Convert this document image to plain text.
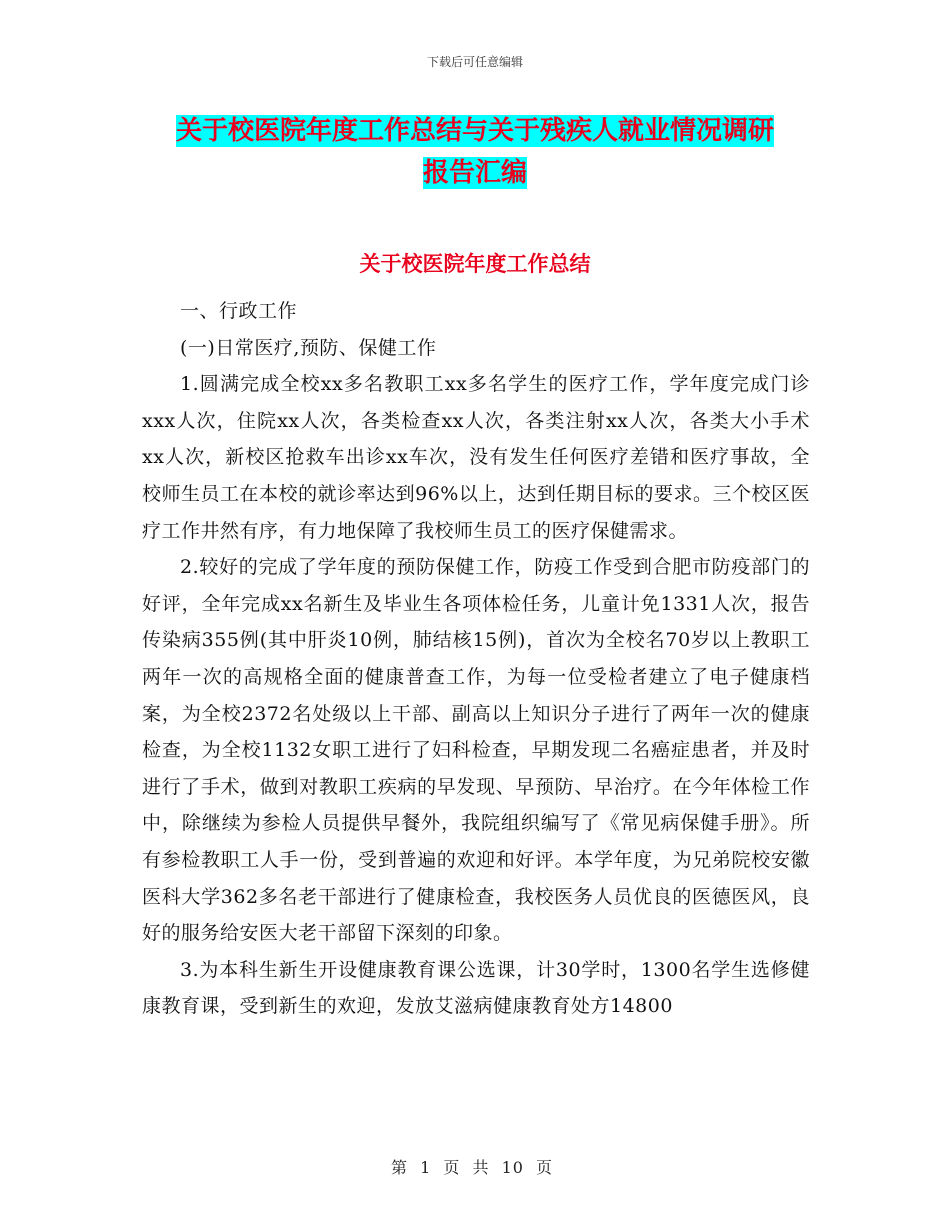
下载后可任意编辑
关于校医院年度工作总结与关于残疾人就业情况调研
报告汇编
关于校医院年度工作总结

一、行政工作

(一)日常医疗,预防、保健工作

1.圆满完成全校xx多名教职工xx多名学生的医疗工作，学年度完成门诊xxx人次，住院xx人次，各类检查xx人次，各类注射xx人次，各类大小手术xx人次，新校区抢救车出诊xx车次，没有发生任何医疗差错和医疗事故，全校师生员工在本校的就诊率达到96%以上，达到任期目标的要求。三个校区医疗工作井然有序，有力地保障了我校师生员工的医疗保健需求。

2.较好的完成了学年度的预防保健工作，防疫工作受到合肥市防疫部门的好评，全年完成xx名新生及毕业生各项体检任务，儿童计免1331人次，报告传染病355例(其中肝炎10例，肺结核15例)，首次为全校名70岁以上教职工两年一次的高规格全面的健康普查工作，为每一位受检者建立了电子健康档案，为全校2372名处级以上干部、副高以上知识分子进行了两年一次的健康检查，为全校1132女职工进行了妇科检查，早期发现二名癌症患者，并及时进行了手术，做到对教职工疾病的早发现、早预防、早治疗。在今年体检工作中，除继续为参检人员提供早餐外，我院组织编写了《常见病保健手册》。所有参检教职工人手一份，受到普遍的欢迎和好评。本学年度，为兄弟院校安徽医科大学362多名老干部进行了健康检查，我校医务人员优良的医德医风，良好的服务给安医大老干部留下深刻的印象。

3.为本科生新生开设健康教育课公选课，计30学时，1300名学生选修健康教育课，受到新生的欢迎，发放艾滋病健康教育处方14800

第 1 页 共 10 页
